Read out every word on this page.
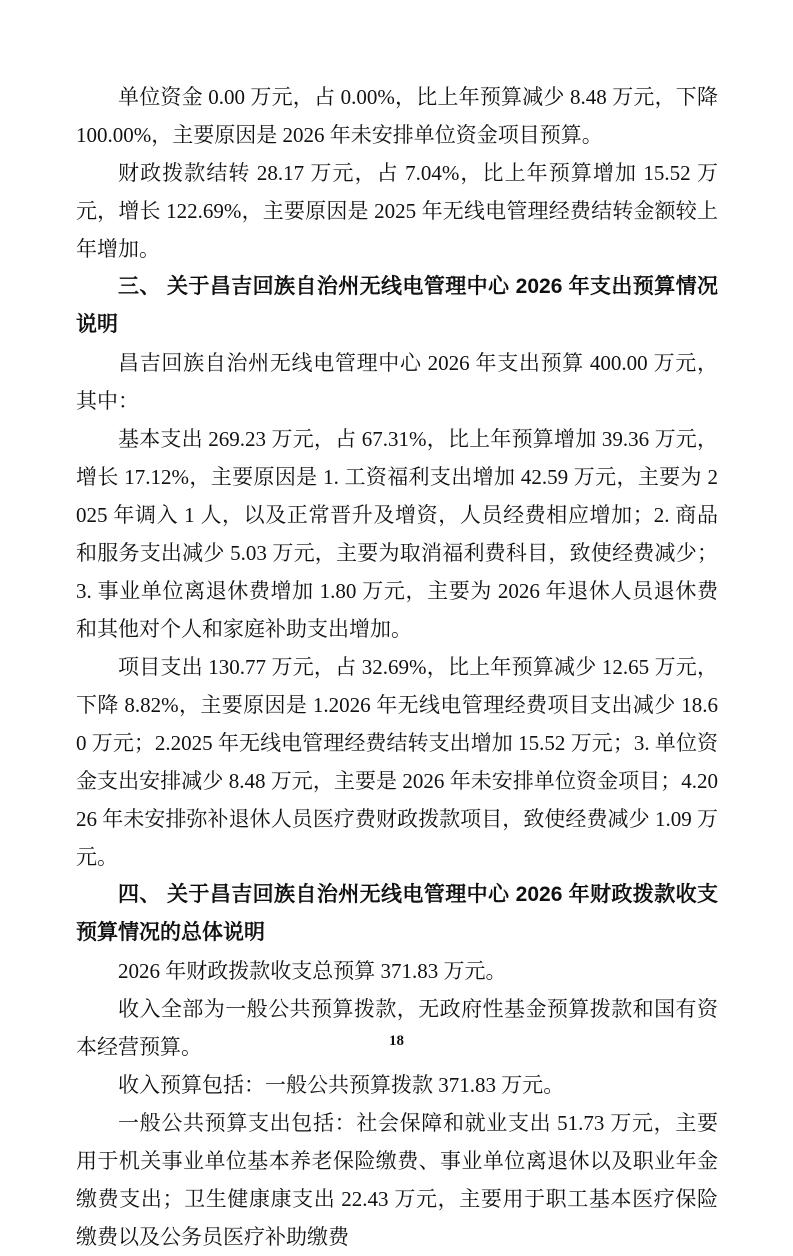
单位资金 0.00 万元，占 0.00%，比上年预算减少 8.48 万元，下降 100.00%，主要原因是 2026 年未安排单位资金项目预算。

财政拨款结转 28.17 万元，占 7.04%，比上年预算增加 15.52 万元，增长 122.69%，主要原因是 2025 年无线电管理经费结转金额较上年增加。

三、 关于昌吉回族自治州无线电管理中心 2026 年支出预算情况说明

昌吉回族自治州无线电管理中心 2026 年支出预算 400.00 万元，其中：

基本支出 269.23 万元，占 67.31%，比上年预算增加 39.36 万元，增长 17.12%，主要原因是 1. 工资福利支出增加 42.59 万元，主要为 2025 年调入 1 人，以及正常晋升及增资，人员经费相应增加；2. 商品和服务支出减少 5.03 万元，主要为取消福利费科目，致使经费减少；3. 事业单位离退休费增加 1.80 万元，主要为 2026 年退休人员退休费和其他对个人和家庭补助支出增加。

项目支出 130.77 万元，占 32.69%，比上年预算减少 12.65 万元，下降 8.82%，主要原因是 1.2026 年无线电管理经费项目支出减少 18.60 万元；2.2025 年无线电管理经费结转支出增加 15.52 万元；3. 单位资金支出安排减少 8.48 万元，主要是 2026 年未安排单位资金项目；4.2026 年未安排弥补退休人员医疗费财政拨款项目，致使经费减少 1.09 万元。

四、 关于昌吉回族自治州无线电管理中心 2026 年财政拨款收支预算情况的总体说明

2026 年财政拨款收支总预算 371.83 万元。

收入全部为一般公共预算拨款，无政府性基金预算拨款和国有资本经营预算。

收入预算包括：一般公共预算拨款 371.83 万元。

一般公共预算支出包括：社会保障和就业支出 51.73 万元，主要用于机关事业单位基本养老保险缴费、事业单位离退休以及职业年金缴费支出；卫生健康康支出 22.43 万元，主要用于职工基本医疗保险缴费以及公务员医疗补助缴费

18
